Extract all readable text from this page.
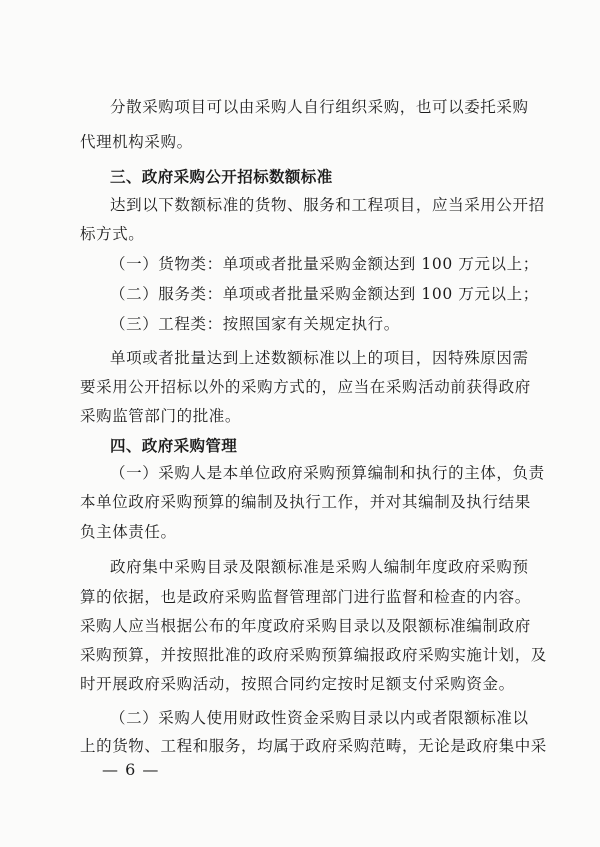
分散采购项目可以由采购人自行组织采购，也可以委托采购
代理机构采购。
三、政府采购公开招标数额标准
达到以下数额标准的货物、服务和工程项目，应当采用公开招
标方式。
（一）货物类：单项或者批量采购金额达到 100 万元以上；
（二）服务类：单项或者批量采购金额达到 100 万元以上；
（三）工程类：按照国家有关规定执行。
单项或者批量达到上述数额标准以上的项目，因特殊原因需
要采用公开招标以外的采购方式的，应当在采购活动前获得政府
采购监管部门的批准。
四、政府采购管理
（一）采购人是本单位政府采购预算编制和执行的主体，负责
本单位政府采购预算的编制及执行工作，并对其编制及执行结果
负主体责任。
政府集中采购目录及限额标准是采购人编制年度政府采购预
算的依据，也是政府采购监督管理部门进行监督和检查的内容。
采购人应当根据公布的年度政府采购目录以及限额标准编制政府
采购预算，并按照批准的政府采购预算编报政府采购实施计划，及
时开展政府采购活动，按照合同约定按时足额支付采购资金。
（二）采购人使用财政性资金采购目录以内或者限额标准以
上的货物、工程和服务，均属于政府采购范畴，无论是政府集中采
— 6 —
